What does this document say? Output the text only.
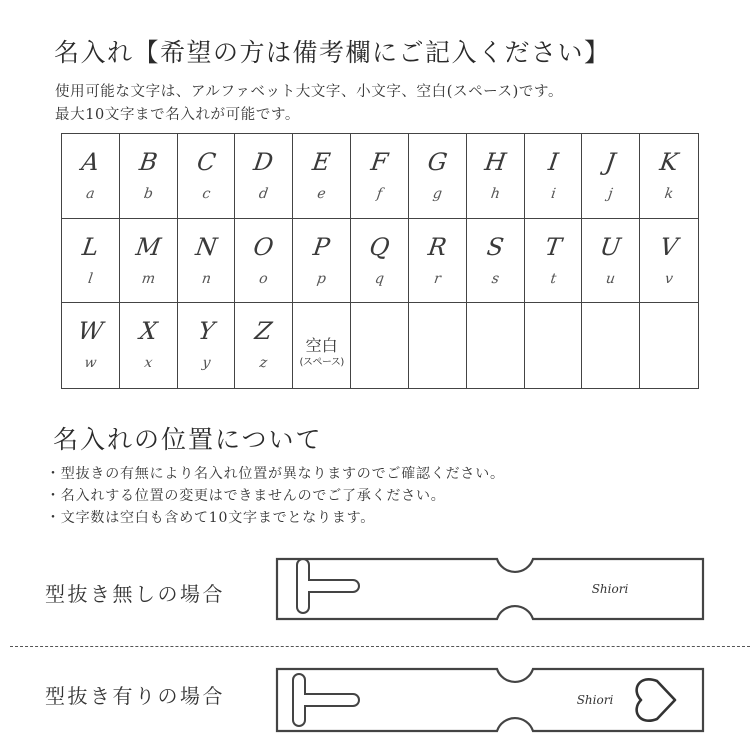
名入れ【希望の方は備考欄にご記入ください】
使用可能な文字は、アルファベット大文字、小文字、空白(スペース)です。
最大10文字まで名入れが可能です。
A
a
B
b
C
c
D
d
E
e
F
f
G
g
H
h
I
i
J
j
K
k
L
l
M
m
N
n
O
o
P
p
Q
q
R
r
S
s
T
t
U
u
V
v
W
w
X
x
Y
y
Z
z
空白
(スペース)
名入れの位置について
・型抜きの有無により名入れ位置が異なりますのでご確認ください。
・名入れする位置の変更はできませんのでご了承ください。
・文字数は空白も含めて10文字までとなります。
型抜き無しの場合	Shiori
型抜き有りの場合	Shiori
